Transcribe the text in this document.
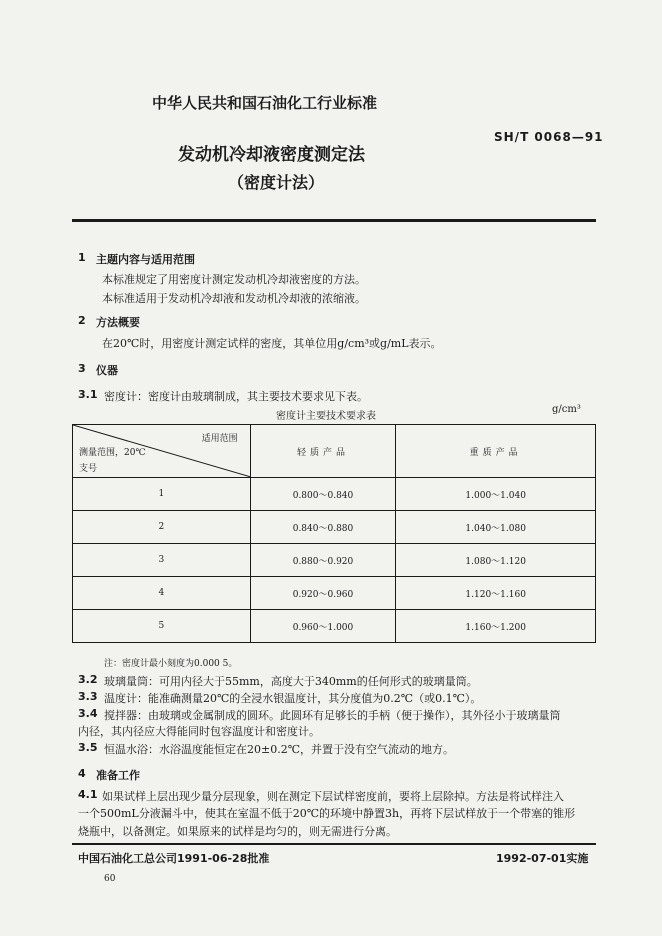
中华人民共和国石油化工行业标准
SH/T 0068—91
发动机冷却液密度测定法
（密度计法）
1 主题内容与适用范围
本标准规定了用密度计测定发动机冷却液密度的方法。
本标准适用于发动机冷却液和发动机冷却液的浓缩液。
2 方法概要
在20℃时，用密度计测定试样的密度，其单位用g/cm³或g/mL表示。
3 仪器
3.1 密度计：密度计由玻璃制成，其主要技术要求见下表。
密度计主要技术要求表
g/cm³
适用范围
测量范围，20℃
支号	轻质产品	重质产品
1	0.800～0.840	1.000～1.040
2	0.840～0.880	1.040～1.080
3	0.880～0.920	1.080～1.120
4	0.920～0.960	1.120～1.160
5	0.960～1.000	1.160～1.200
注：密度计最小刻度为0.000 5。
3.2 玻璃量筒：可用内径大于55mm，高度大于340mm的任何形式的玻璃量筒。
3.3 温度计：能准确测量20℃的全浸水银温度计，其分度值为0.2℃（或0.1℃）。
3.4 搅拌器：由玻璃或金属制成的圆环。此圆环有足够长的手柄（便于操作），其外径小于玻璃量筒
内径，其内径应大得能同时包容温度计和密度计。
3.5 恒温水浴：水浴温度能恒定在20±0.2℃，并置于没有空气流动的地方。
4 准备工作
4.1 如果试样上层出现少量分层现象，则在测定下层试样密度前，要将上层除掉。方法是将试样注入
一个500mL分液漏斗中，使其在室温不低于20℃的环境中静置3h，再将下层试样放于一个带塞的锥形
烧瓶中，以备测定。如果原来的试样是均匀的，则无需进行分离。
中国石油化工总公司1991-06-28批准	1992-07-01实施
60
